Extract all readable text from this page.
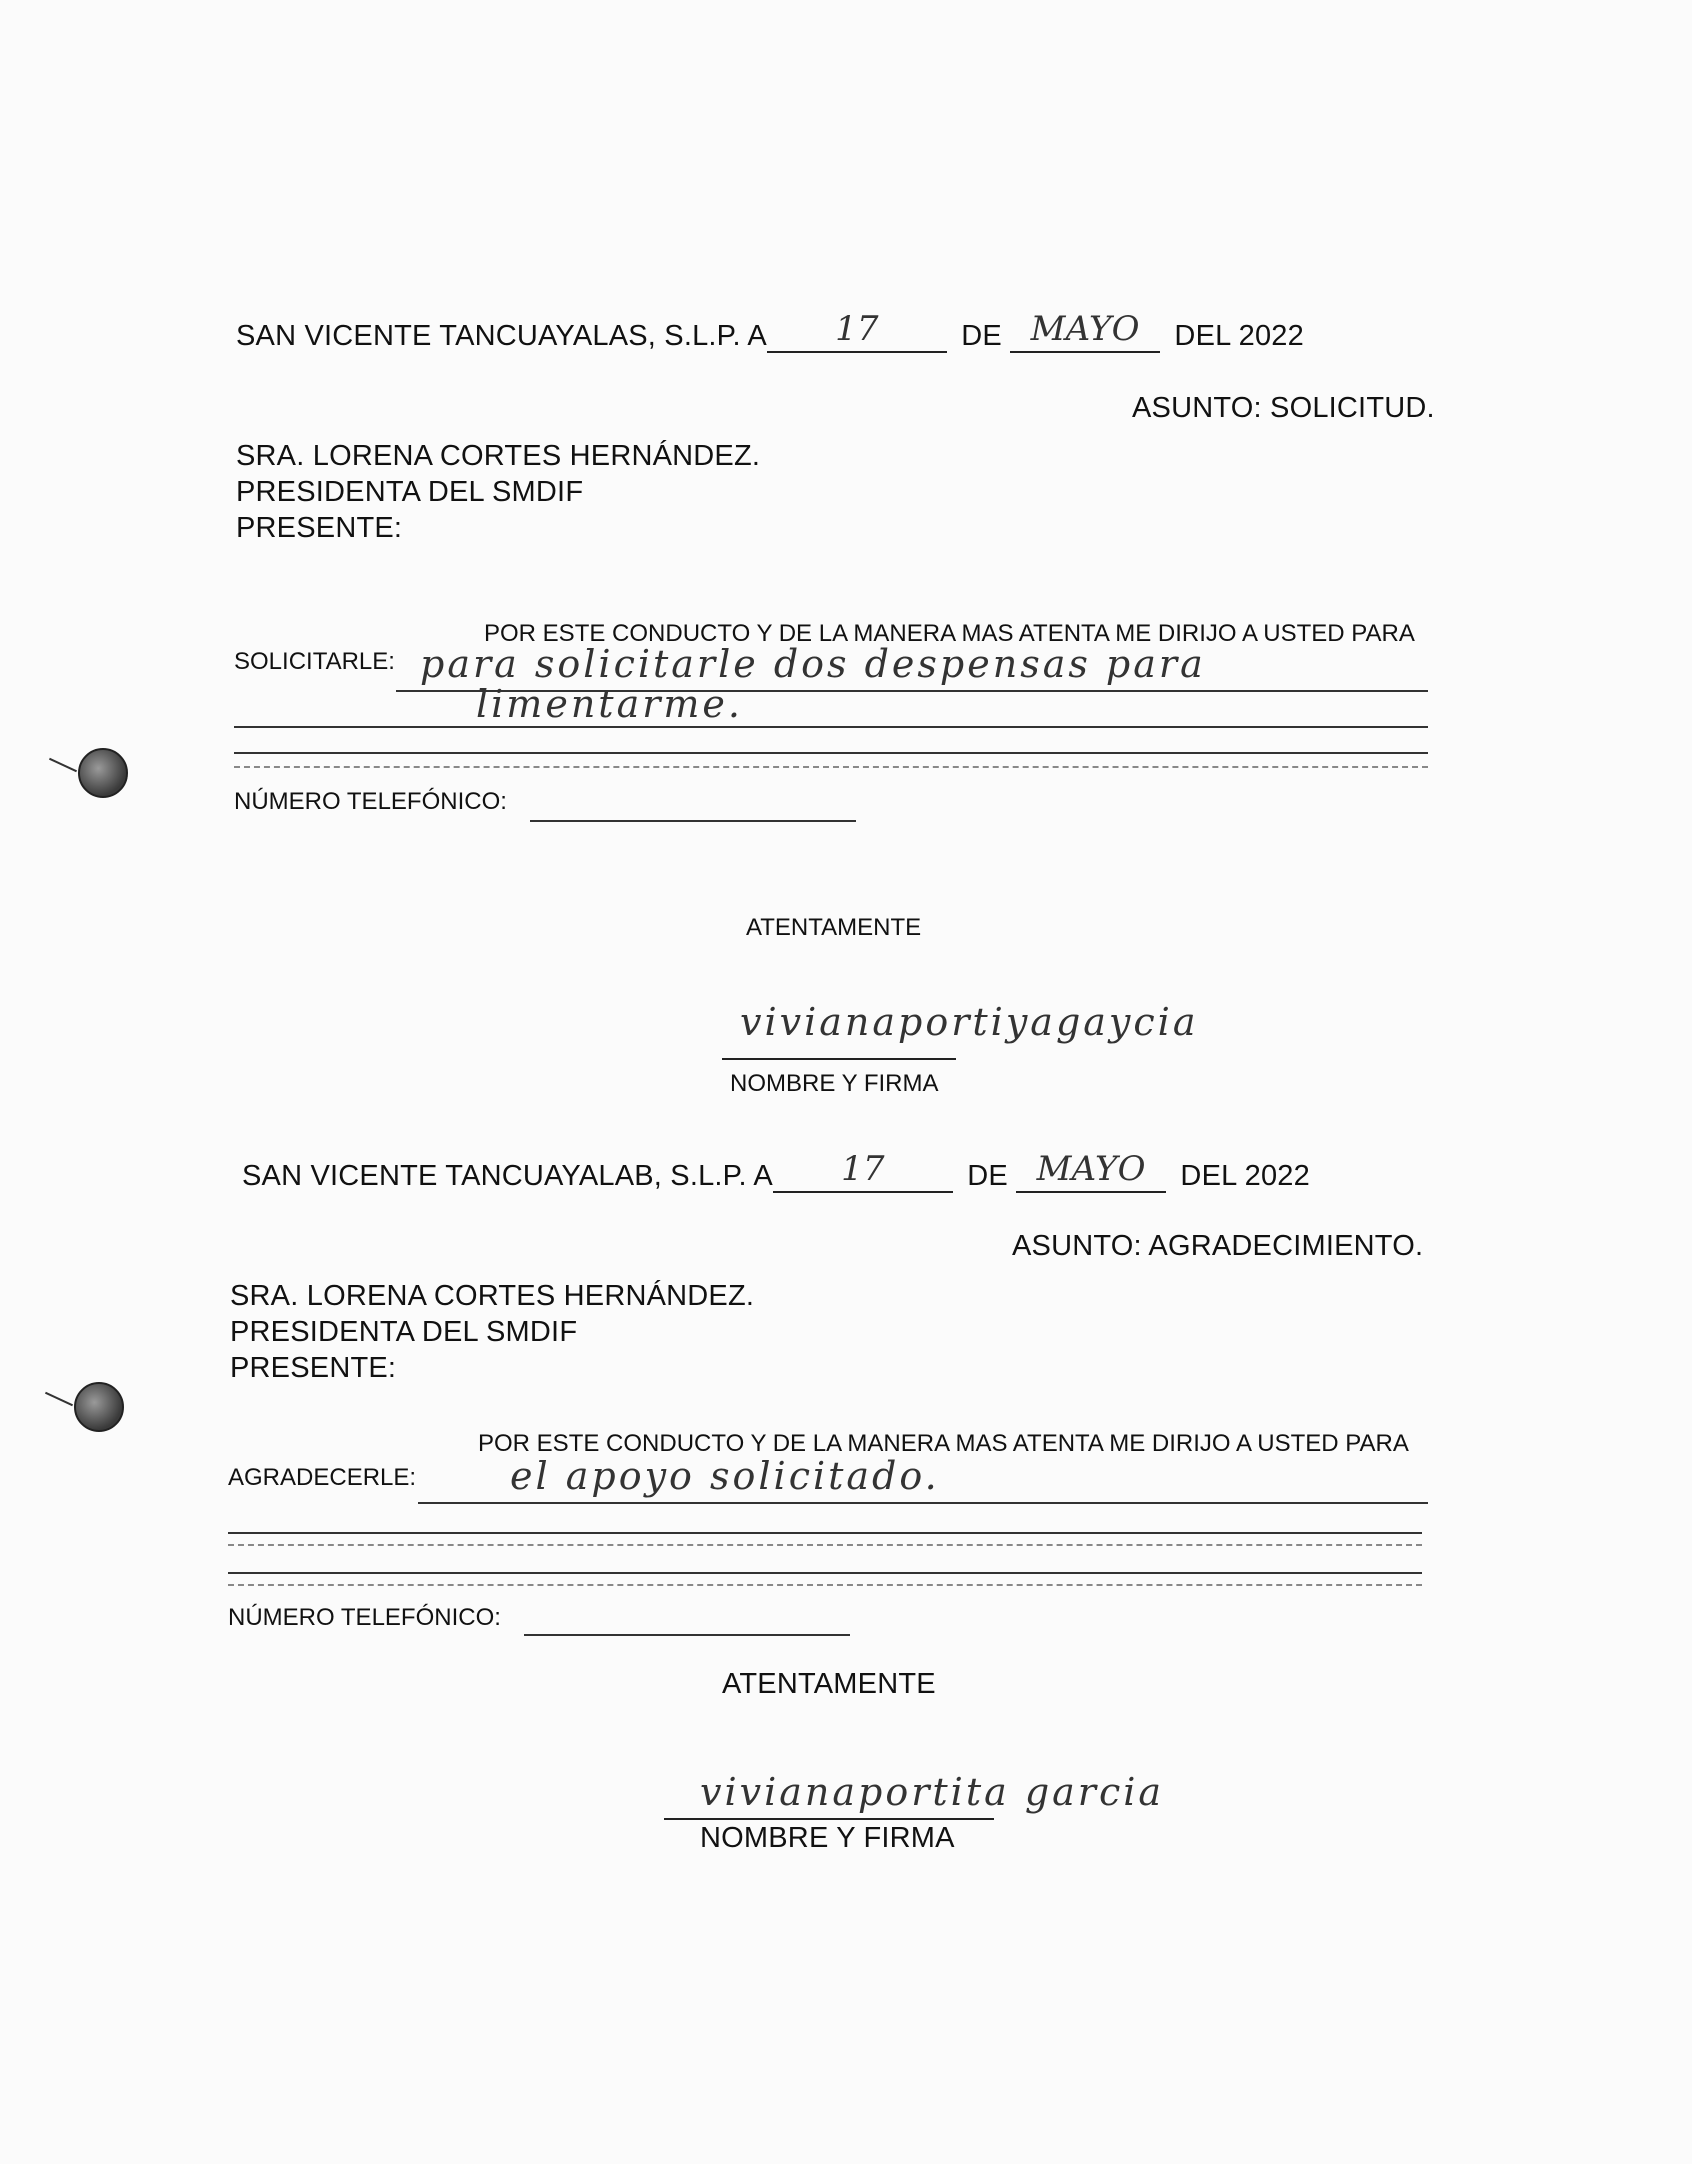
SAN VICENTE TANCUAYALAS, S.L.P. A	17	DE MAYO	DEL 2022
ASUNTO: SOLICITUD.
SRA. LORENA CORTES HERNÁNDEZ.
PRESIDENTA DEL SMDIF
PRESENTE:
POR ESTE CONDUCTO Y DE LA MANERA MAS ATENTA ME DIRIJO A USTED PARA
SOLICITARLE: para solicitarle dos despensas para
limentarme.
NÚMERO TELEFÓNICO:
ATENTAMENTE
vivianaportiyagaycia
NOMBRE Y FIRMA
SAN VICENTE TANCUAYALAB, S.L.P. A	17	DE MAYO	DEL 2022
ASUNTO: AGRADECIMIENTO.
SRA. LORENA CORTES HERNÁNDEZ.
PRESIDENTA DEL SMDIF
PRESENTE:
POR ESTE CONDUCTO Y DE LA MANERA MAS ATENTA ME DIRIJO A USTED PARA
AGRADECERLE: el apoyo solicitado.
NÚMERO TELEFÓNICO:
ATENTAMENTE
vivianaportita garcia
NOMBRE Y FIRMA
